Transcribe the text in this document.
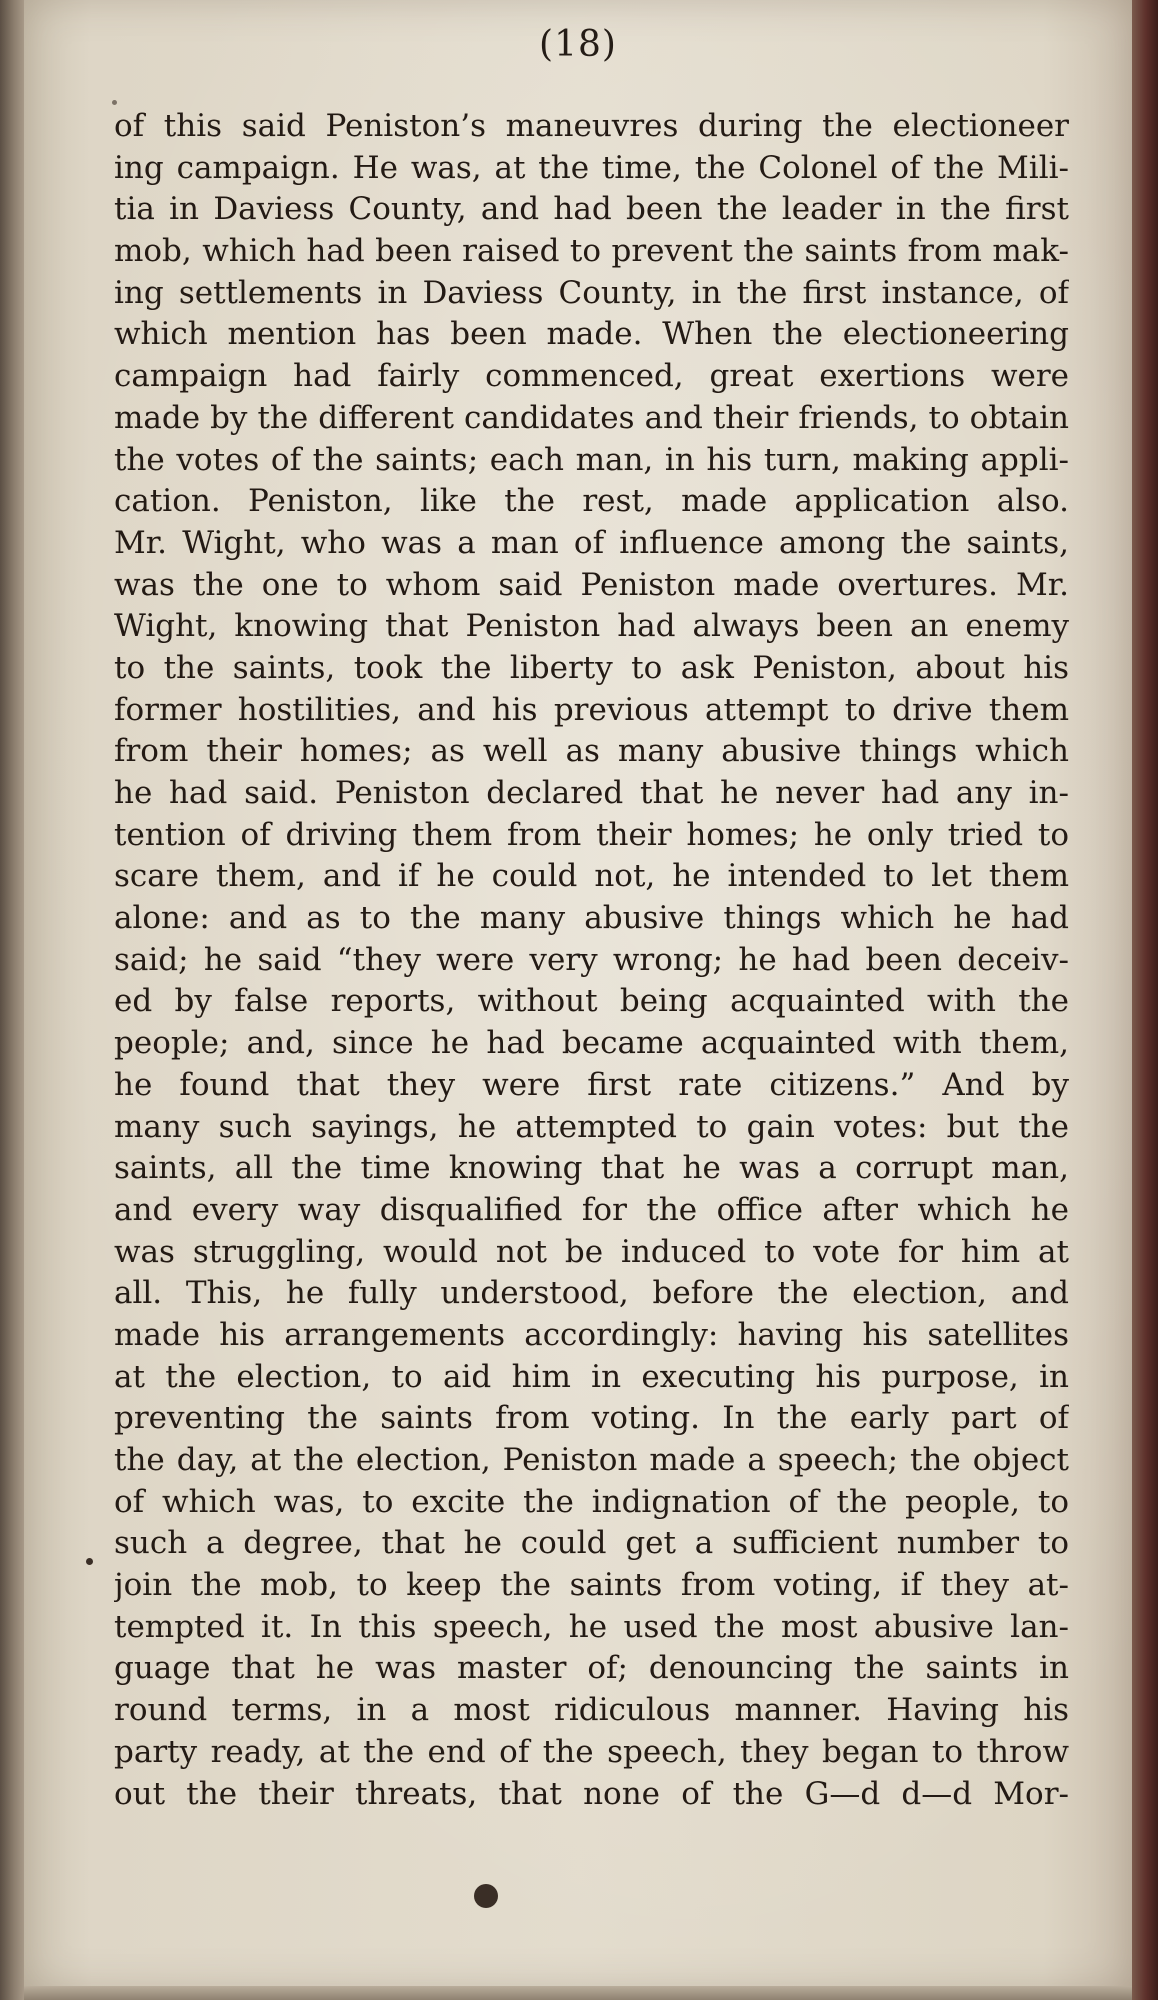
(18)
of this said Peniston’s maneuvres during the electioneer
ing campaign. He was, at the time, the Colonel of the Mili-
tia in Daviess County, and had been the leader in the first
mob, which had been raised to prevent the saints from mak-
ing settlements in Daviess County, in the first instance, of
which mention has been made. When the electioneering
campaign had fairly commenced, great exertions were
made by the different candidates and their friends, to obtain
the votes of the saints; each man, in his turn, making appli-
cation. Peniston, like the rest, made application also.
Mr. Wight, who was a man of influence among the saints,
was the one to whom said Peniston made overtures. Mr.
Wight, knowing that Peniston had always been an enemy
to the saints, took the liberty to ask Peniston, about his
former hostilities, and his previous attempt to drive them
from their homes; as well as many abusive things which
he had said. Peniston declared that he never had any in-
tention of driving them from their homes; he only tried to
scare them, and if he could not, he intended to let them
alone: and as to the many abusive things which he had
said; he said “they were very wrong; he had been deceiv-
ed by false reports, without being acquainted with the
people; and, since he had became acquainted with them,
he found that they were first rate citizens.” And by
many such sayings, he attempted to gain votes: but the
saints, all the time knowing that he was a corrupt man,
and every way disqualified for the office after which he
was struggling, would not be induced to vote for him at
all. This, he fully understood, before the election, and
made his arrangements accordingly: having his satellites
at the election, to aid him in executing his purpose, in
preventing the saints from voting. In the early part of
the day, at the election, Peniston made a speech; the object
of which was, to excite the indignation of the people, to
such a degree, that he could get a sufficient number to
join the mob, to keep the saints from voting, if they at-
tempted it. In this speech, he used the most abusive lan-
guage that he was master of; denouncing the saints in
round terms, in a most ridiculous manner. Having his
party ready, at the end of the speech, they began to throw
out the their threats, that none of the G—d d—d Mor-
